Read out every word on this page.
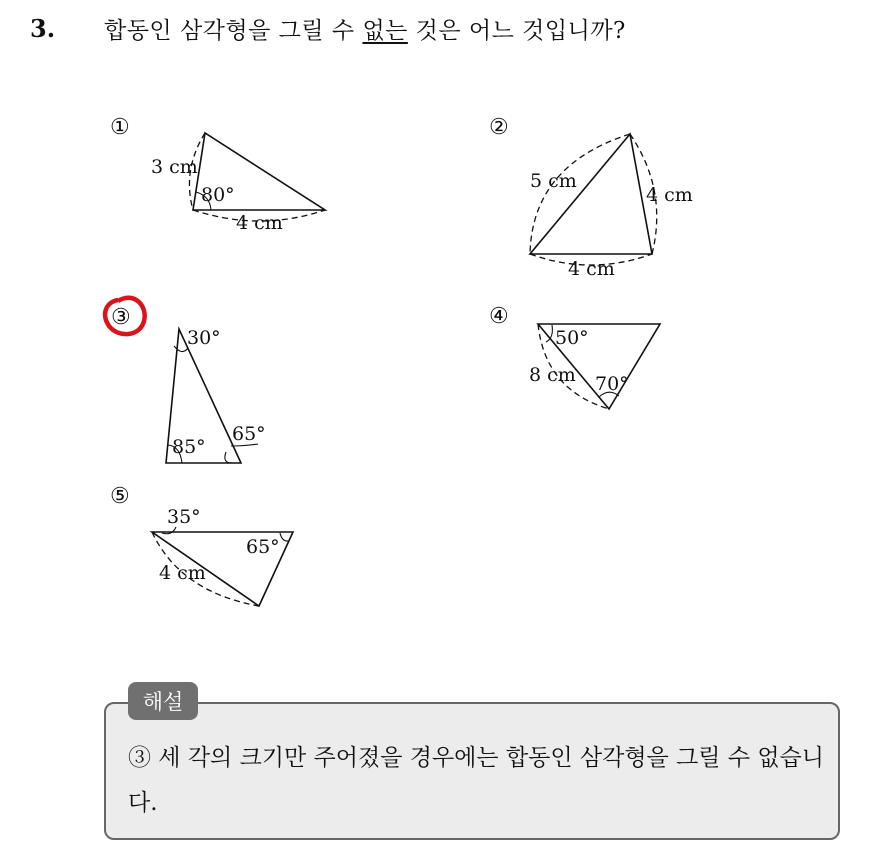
3. 합동인 삼각형을 그릴 수 없는 것은 어느 것입니까?
①
3 cm
80°
4 cm
②
5 cm
4 cm
4 cm
③
30°
85°
65°
④
50°
8 cm 70°
⑤
35°
65°
4 cm
해설
③ 세 각의 크기만 주어졌을 경우에는 합동인 삼각형을 그릴 수 없습니다.
